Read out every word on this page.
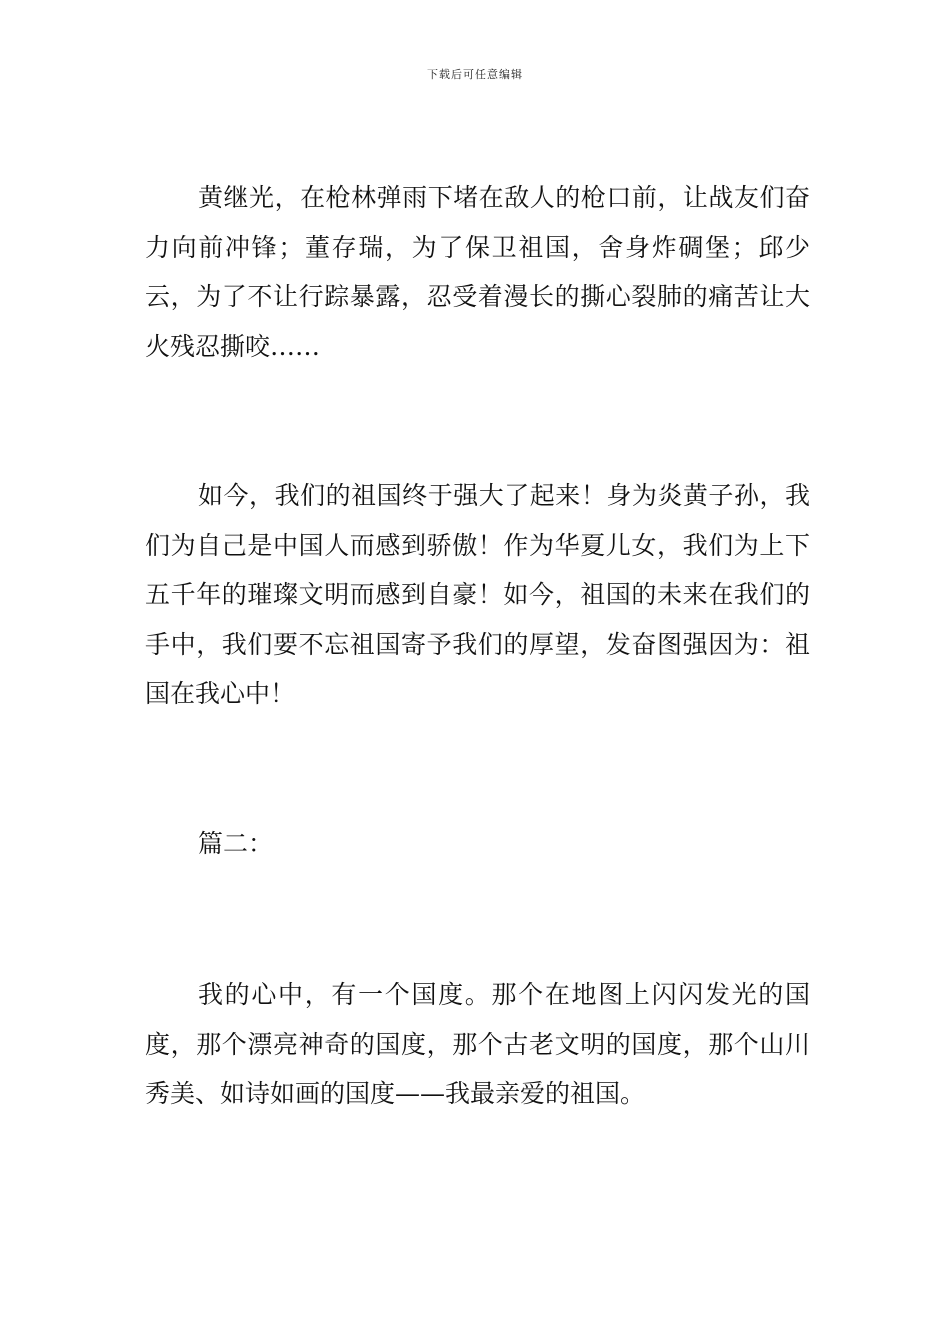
下载后可任意编辑

黄继光，在枪林弹雨下堵在敌人的枪口前，让战友们奋力向前冲锋；董存瑞，为了保卫祖国，舍身炸碉堡；邱少云，为了不让行踪暴露，忍受着漫长的撕心裂肺的痛苦让大火残忍撕咬……

如今，我们的祖国终于强大了起来！身为炎黄子孙，我们为自己是中国人而感到骄傲！作为华夏儿女，我们为上下五千年的璀璨文明而感到自豪！如今，祖国的未来在我们的手中，我们要不忘祖国寄予我们的厚望，发奋图强因为：祖国在我心中！

篇二：

我的心中，有一个国度。那个在地图上闪闪发光的国度，那个漂亮神奇的国度，那个古老文明的国度，那个山川秀美、如诗如画的国度——我最亲爱的祖国。
